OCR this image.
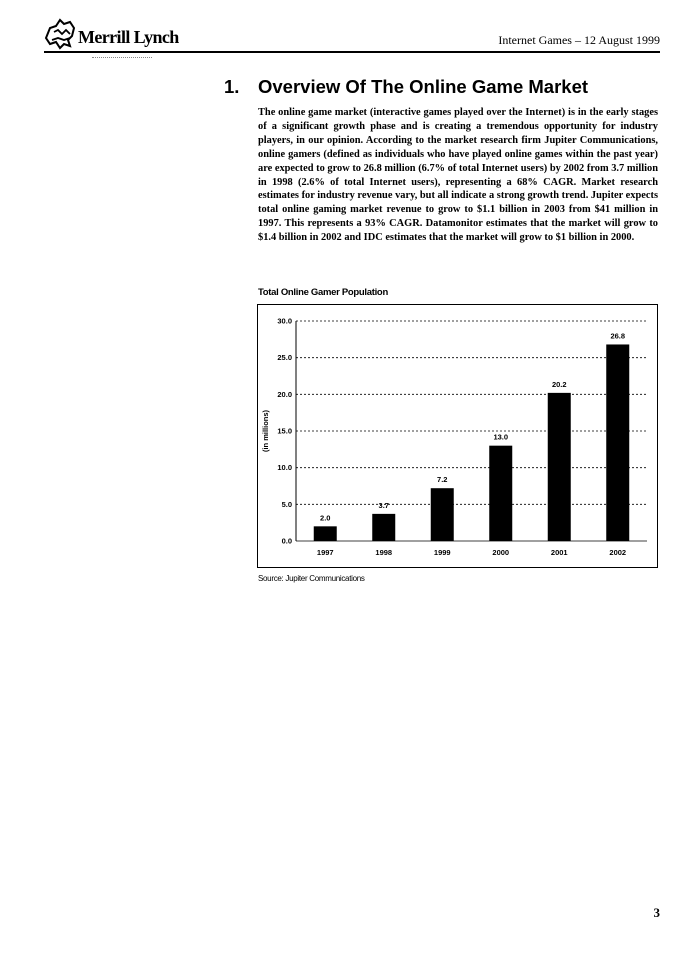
Merrill Lynch	Internet Games – 12 August 1999
1. Overview Of The Online Game Market

The online game market (interactive games played over the Internet) is in the early stages of a significant growth phase and is creating a tremendous opportunity for industry players, in our opinion. According to the market research firm Jupiter Communications, online gamers (defined as individuals who have played online games within the past year) are expected to grow to 26.8 million (6.7% of total Internet users) by 2002 from 3.7 million in 1998 (2.6% of total Internet users), representing a 68% CAGR. Market research estimates for industry revenue vary, but all indicate a strong growth trend. Jupiter expects total online gaming market revenue to grow to $1.1 billion in 2003 from $41 million in 1997. This represents a 93% CAGR. Datamonitor estimates that the market will grow to $1.4 billion in 2002 and IDC estimates that the market will grow to $1 billion in 2000.

Total Online Gamer Population

30.0
25.0
20.0
15.0
10.0
5.0
0.0
(in millions)
2.0
1997
3.7
1998
7.2
1999
13.0
2000
20.2
2001
26.8
2002

Source: Jupiter Communications

3
